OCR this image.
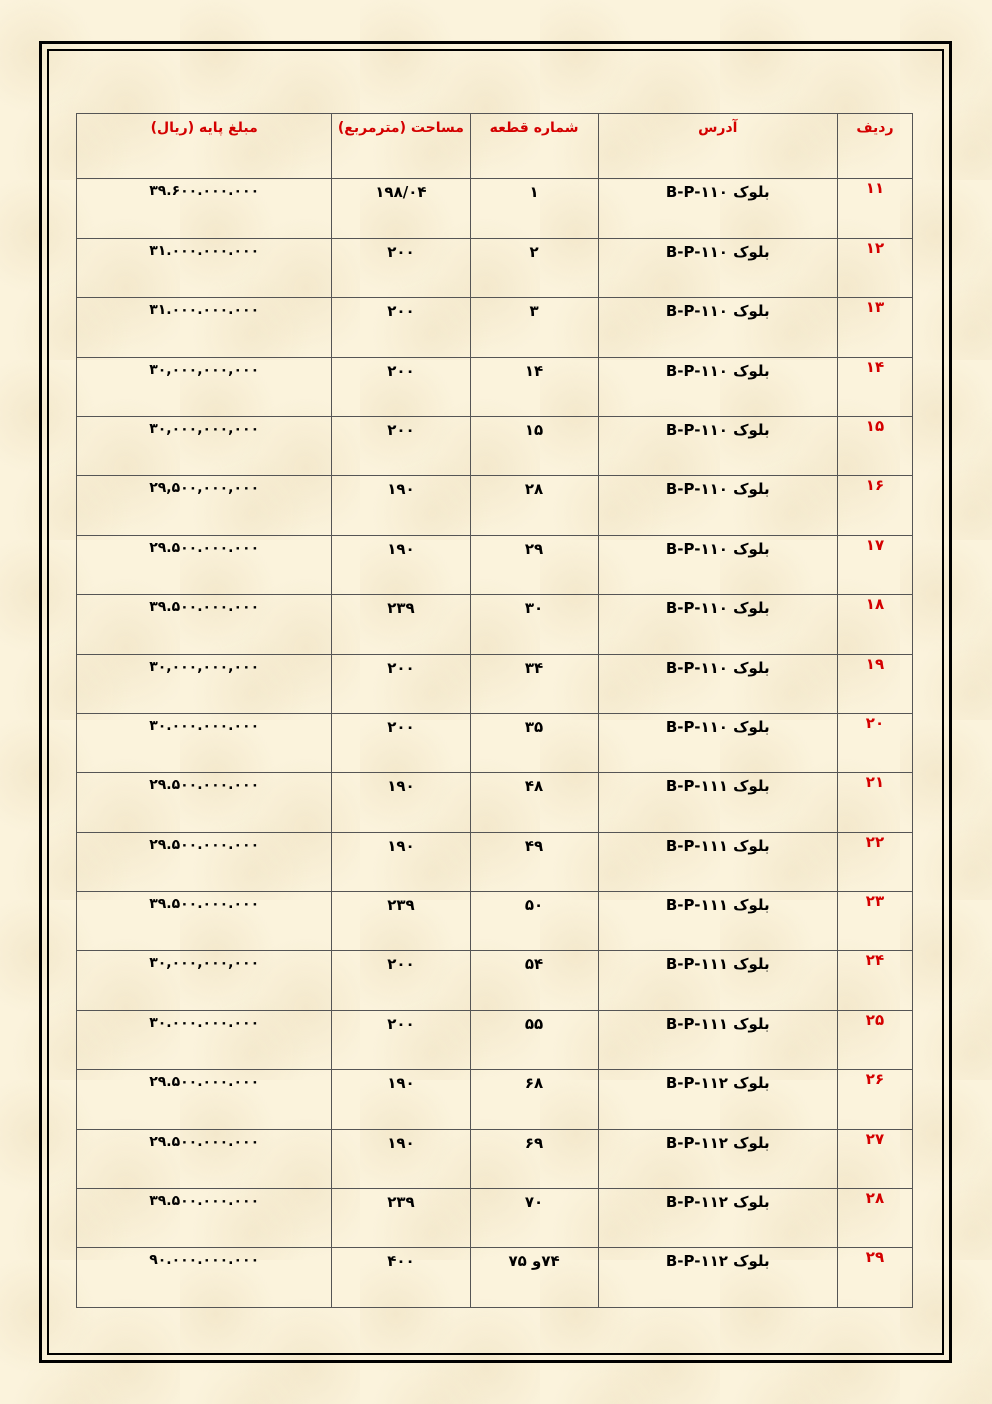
ردیف	آدرس	شماره قطعه	مساحت (مترمربع)	مبلغ پایه (ریال)
۱۱	B-P-۱۱۰ بلوک	۱	۱۹۸/۰۴	۳۹.۶۰۰.۰۰۰.۰۰۰
۱۲	B-P-۱۱۰ بلوک	۲	۲۰۰	۳۱.۰۰۰.۰۰۰.۰۰۰
۱۳	B-P-۱۱۰ بلوک	۳	۲۰۰	۳۱.۰۰۰.۰۰۰.۰۰۰
۱۴	B-P-۱۱۰ بلوک	۱۴	۲۰۰	۳۰,۰۰۰,۰۰۰,۰۰۰
۱۵	B-P-۱۱۰ بلوک	۱۵	۲۰۰	۳۰,۰۰۰,۰۰۰,۰۰۰
۱۶	B-P-۱۱۰ بلوک	۲۸	۱۹۰	۲۹,۵۰۰,۰۰۰,۰۰۰
۱۷	B-P-۱۱۰ بلوک	۲۹	۱۹۰	۲۹.۵۰۰.۰۰۰.۰۰۰
۱۸	B-P-۱۱۰ بلوک	۳۰	۲۳۹	۳۹.۵۰۰.۰۰۰.۰۰۰
۱۹	B-P-۱۱۰ بلوک	۳۴	۲۰۰	۳۰,۰۰۰,۰۰۰,۰۰۰
۲۰	B-P-۱۱۰ بلوک	۳۵	۲۰۰	۳۰.۰۰۰.۰۰۰.۰۰۰
۲۱	B-P-۱۱۱ بلوک	۴۸	۱۹۰	۲۹.۵۰۰.۰۰۰.۰۰۰
۲۲	B-P-۱۱۱ بلوک	۴۹	۱۹۰	۲۹.۵۰۰.۰۰۰.۰۰۰
۲۳	B-P-۱۱۱ بلوک	۵۰	۲۳۹	۳۹.۵۰۰.۰۰۰.۰۰۰
۲۴	B-P-۱۱۱ بلوک	۵۴	۲۰۰	۳۰,۰۰۰,۰۰۰,۰۰۰
۲۵	B-P-۱۱۱ بلوک	۵۵	۲۰۰	۳۰.۰۰۰.۰۰۰.۰۰۰
۲۶	B-P-۱۱۲ بلوک	۶۸	۱۹۰	۲۹.۵۰۰.۰۰۰.۰۰۰
۲۷	B-P-۱۱۲ بلوک	۶۹	۱۹۰	۲۹.۵۰۰.۰۰۰.۰۰۰
۲۸	B-P-۱۱۲ بلوک	۷۰	۲۳۹	۳۹.۵۰۰.۰۰۰.۰۰۰
۲۹	B-P-۱۱۲ بلوک	۷۴و ۷۵	۴۰۰	۹۰.۰۰۰.۰۰۰.۰۰۰
